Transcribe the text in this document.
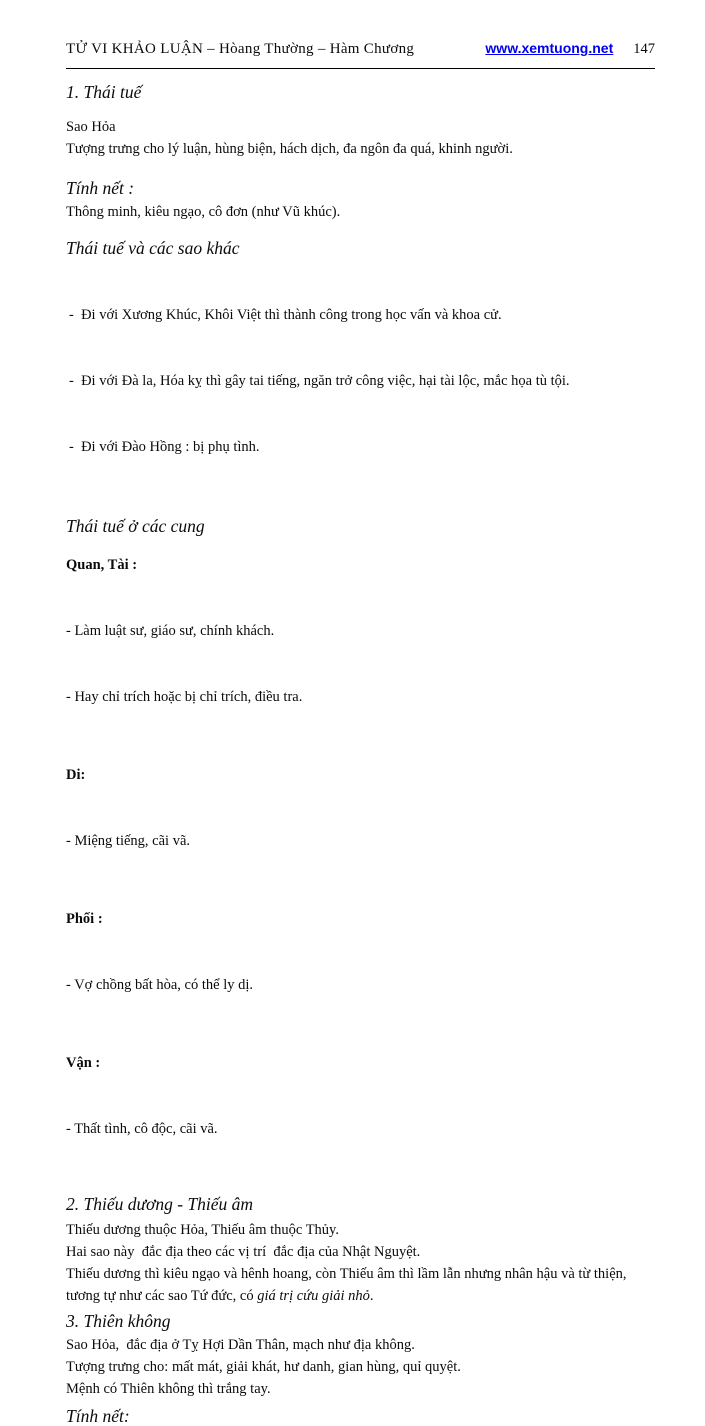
TỬ VI KHẢO LUẬN – Hòang Thường – Hàm Chương	www.xemtuong.net 147
1. Thái tuế

Sao Hỏa

Tượng trưng cho lý luận, hùng biện, hách dịch, đa ngôn đa quá, khinh người.

Tính nết :

Thông minh, kiêu ngạo, cô đơn (như Vũ khúc).

Thái tuế và các sao khác

-  Đi với Xương Khúc, Khôi Việt thì thành công trong học vấn và khoa cử.

-  Đi với Đà la, Hóa kỵ thì gây tai tiếng, ngăn trở công việc, hại tài lộc, mắc họa tù tội.

-  Đi với Đào Hồng : bị phụ tình.

Thái tuế ở các cung

Quan, Tài :

- Làm luật sư, giáo sư, chính khách.

- Hay chỉ trích hoặc bị chỉ trích, điều tra.

Di:

- Miệng tiếng, cãi vã.

Phối :

- Vợ chồng bất hòa, có thể ly dị.

Vận :

- Thất tình, cô độc, cãi vã.

2. Thiếu dương - Thiếu âm

Thiếu dương thuộc Hỏa, Thiếu âm thuộc Thủy.

Hai sao này  đắc địa theo các vị trí  đắc địa của Nhật Nguyệt.

Thiếu dương thì kiêu ngạo và hênh hoang, còn Thiếu âm thì lầm lẫn nhưng nhân hậu và từ thiện,

tương tự như các sao Tứ đức, có giá trị cứu giải nhỏ.

3. Thiên không

Sao Hỏa,  đắc địa ở Tỵ Hợi Dần Thân, mạch như địa không.

Tượng trưng cho: mất mát, giải khát, hư danh, gian hùng, quỉ quyệt.

Mệnh có Thiên không thì trắng tay.

Tính nết:
